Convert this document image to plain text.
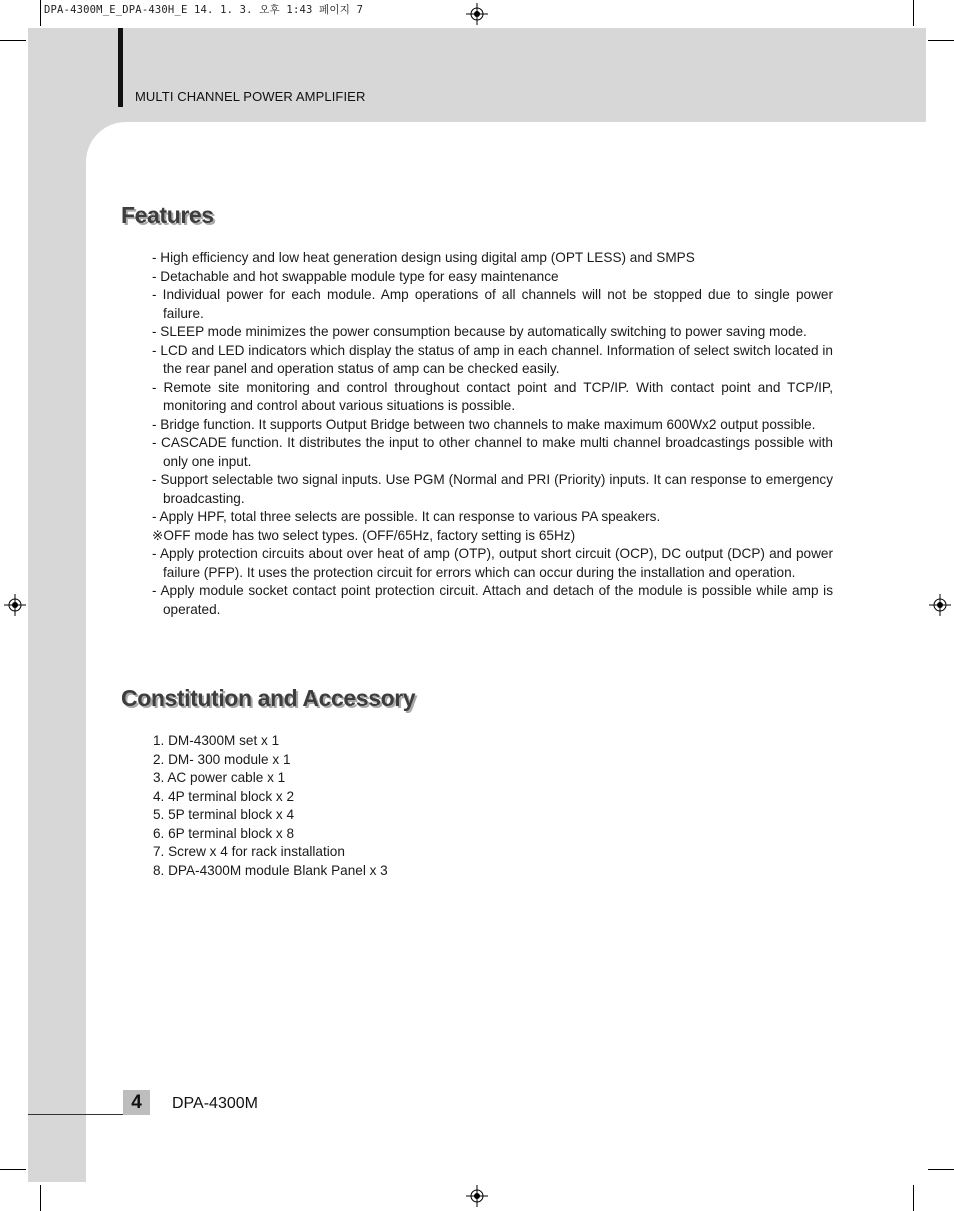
DPA-4300M_E_DPA-430H_E 14. 1. 3. 오후 1:43 페이지 7
MULTI CHANNEL POWER AMPLIFIER
Features
- High efficiency and low heat generation design using digital amp (OPT LESS) and SMPS
- Detachable and hot swappable module type for easy maintenance
- Individual power for each module. Amp operations of all channels will not be stopped due to single power failure.
- SLEEP mode minimizes the power consumption because by automatically switching to power saving mode.
- LCD and LED indicators which display the status of amp in each channel. Information of select switch located in the rear panel and operation status of amp can be checked easily.
- Remote site monitoring and control throughout contact point and TCP/IP. With contact point and TCP/IP, monitoring and control about various situations is possible.
- Bridge function. It supports Output Bridge between two channels to make maximum 600Wx2 output possible.
- CASCADE function. It distributes the input to other channel to make multi channel broadcastings possible with only one input.
- Support selectable two signal inputs. Use PGM (Normal and PRI (Priority) inputs. It can response to emergency broadcasting.
- Apply HPF, total three selects are possible. It can response to various PA speakers.
※OFF mode has two select types. (OFF/65Hz, factory setting is 65Hz)
- Apply protection circuits about over heat of amp (OTP), output short circuit (OCP), DC output (DCP) and power failure (PFP). It uses the protection circuit for errors which can occur during the installation and operation.
- Apply module socket contact point protection circuit. Attach and detach of the module is possible while amp is operated.
Constitution and Accessory
1. DM-4300M set x 1
2. DM- 300 module x 1
3. AC power cable x 1
4. 4P terminal block x 2
5. 5P terminal block x 4
6. 6P terminal block x 8
7. Screw x 4 for rack installation
8. DPA-4300M module Blank Panel x 3
4	DPA-4300M
